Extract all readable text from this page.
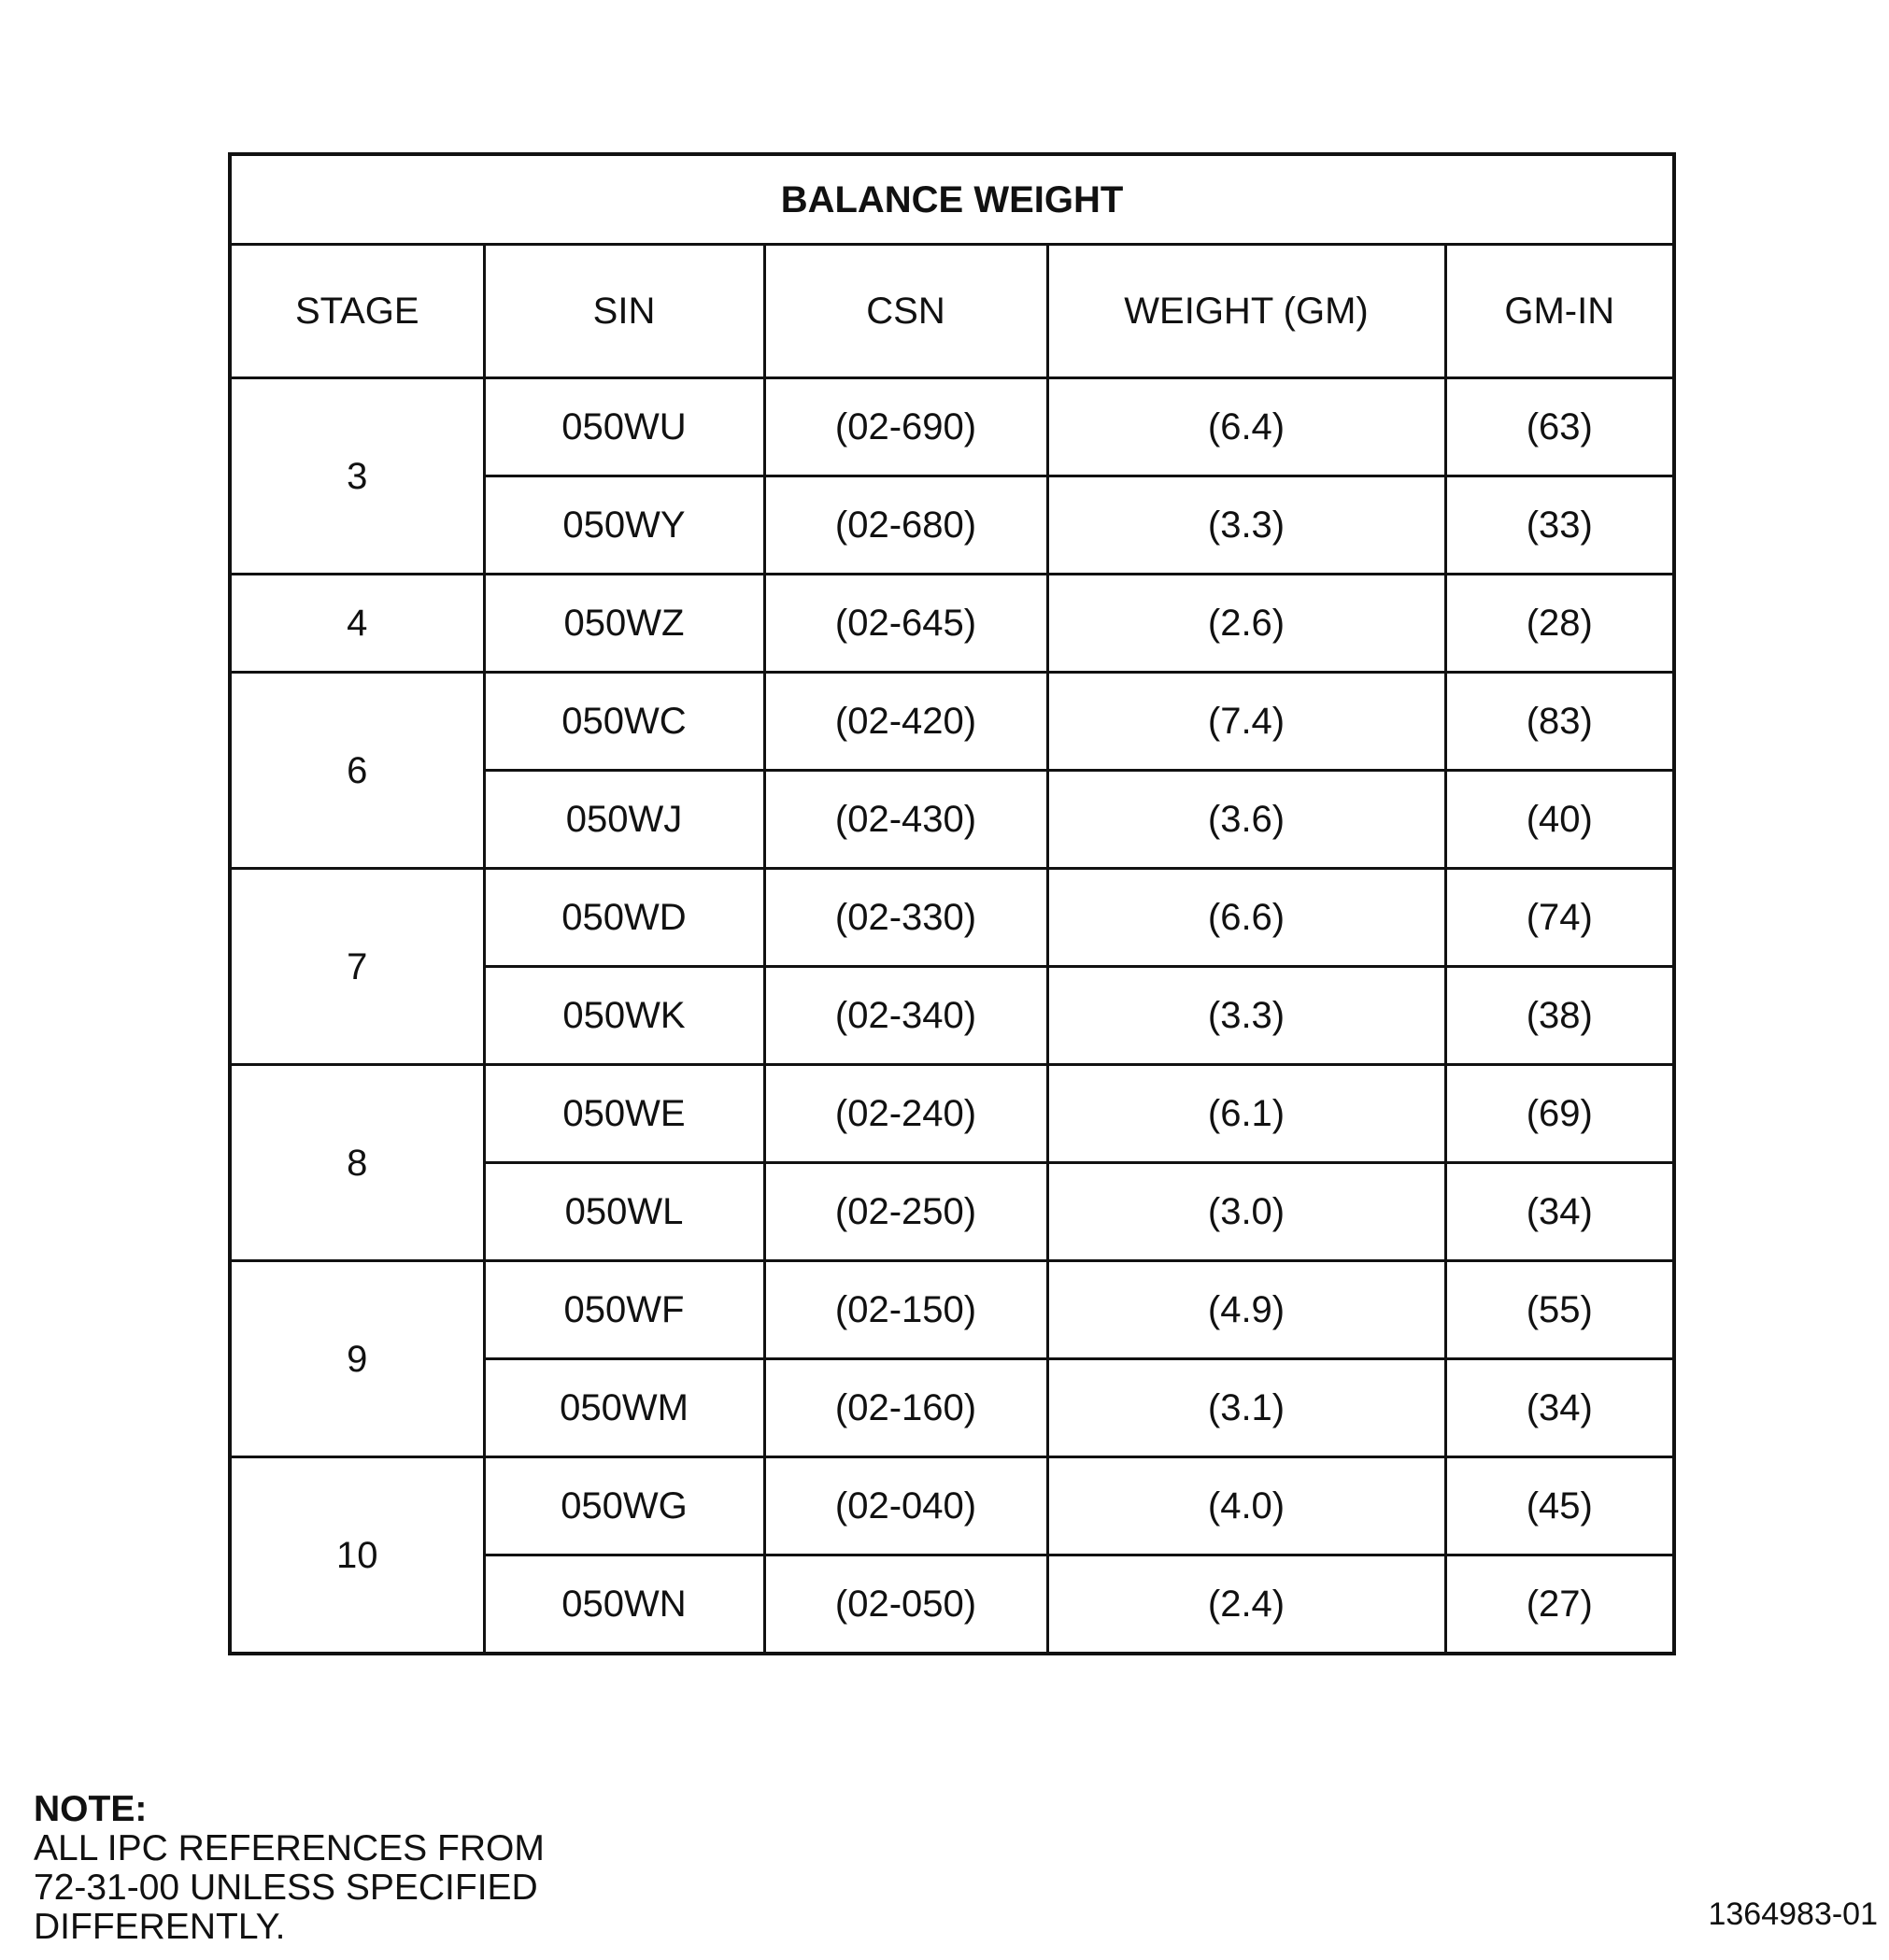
BALANCE WEIGHT				
STAGE	SIN	CSN	WEIGHT (GM)	GM-IN
3	050WU	(02-690)	(6.4)	(63)
	050WY	(02-680)	(3.3)	(33)
4	050WZ	(02-645)	(2.6)	(28)
6	050WC	(02-420)	(7.4)	(83)
	050WJ	(02-430)	(3.6)	(40)
7	050WD	(02-330)	(6.6)	(74)
	050WK	(02-340)	(3.3)	(38)
8	050WE	(02-240)	(6.1)	(69)
	050WL	(02-250)	(3.0)	(34)
9	050WF	(02-150)	(4.9)	(55)
	050WM	(02-160)	(3.1)	(34)
10	050WG	(02-040)	(4.0)	(45)
	050WN	(02-050)	(2.4)	(27)
NOTE:
ALL IPC REFERENCES FROM
72-31-00 UNLESS SPECIFIED
DIFFERENTLY.	1364983-01
